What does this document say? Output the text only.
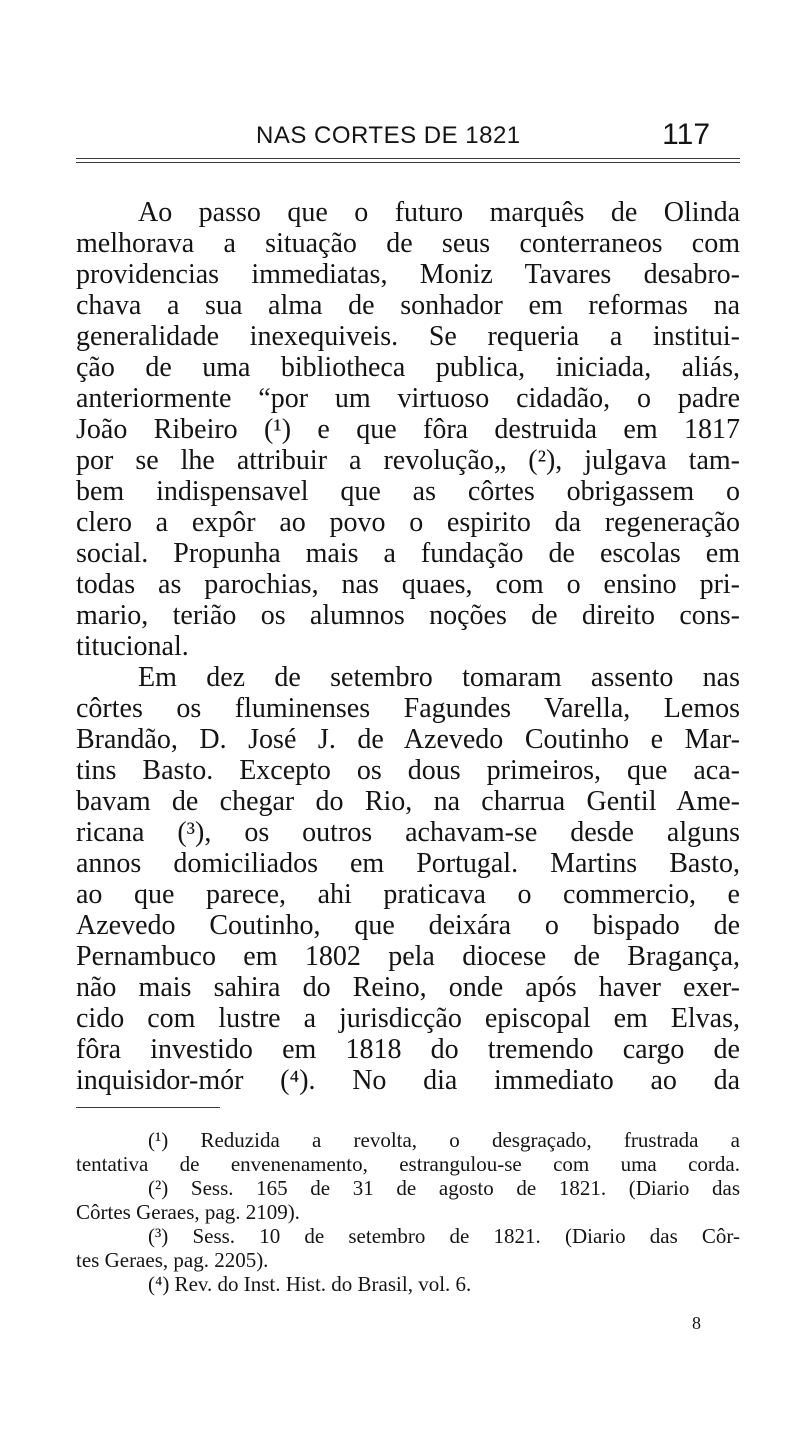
NAS CORTES DE 1821	117
Ao passo que o futuro marquês de Olinda
melhorava a situação de seus conterraneos com
providencias immediatas, Moniz Tavares desabro-
chava a sua alma de sonhador em reformas na
generalidade inexequiveis. Se requeria a institui-
ção de uma bibliotheca publica, iniciada, aliás,
anteriormente “por um virtuoso cidadão, o padre
João Ribeiro (¹) e que fôra destruida em 1817
por se lhe attribuir a revolução„ (²), julgava tam-
bem indispensavel que as côrtes obrigassem o
clero a expôr ao povo o espirito da regeneração
social. Propunha mais a fundação de escolas em
todas as parochias, nas quaes, com o ensino pri-
mario, terião os alumnos noções de direito cons-
titucional.
Em dez de setembro tomaram assento nas
côrtes os fluminenses Fagundes Varella, Lemos
Brandão, D. José J. de Azevedo Coutinho e Mar-
tins Basto. Excepto os dous primeiros, que aca-
bavam de chegar do Rio, na charrua Gentil Ame-
ricana (³), os outros achavam-se desde alguns
annos domiciliados em Portugal. Martins Basto,
ao que parece, ahi praticava o commercio, e
Azevedo Coutinho, que deixára o bispado de
Pernambuco em 1802 pela diocese de Bragança,
não mais sahira do Reino, onde após haver exer-
cido com lustre a jurisdicção episcopal em Elvas,
fôra investido em 1818 do tremendo cargo de
inquisidor-mór (⁴). No dia immediato ao da
(¹) Reduzida a revolta, o desgraçado, frustrada a
tentativa de envenenamento, estrangulou-se com uma corda.
(²) Sess. 165 de 31 de agosto de 1821. (Diario das
Côrtes Geraes, pag. 2109).
(³) Sess. 10 de setembro de 1821. (Diario das Côr-
tes Geraes, pag. 2205).
(⁴) Rev. do Inst. Hist. do Brasil, vol. 6.
8
